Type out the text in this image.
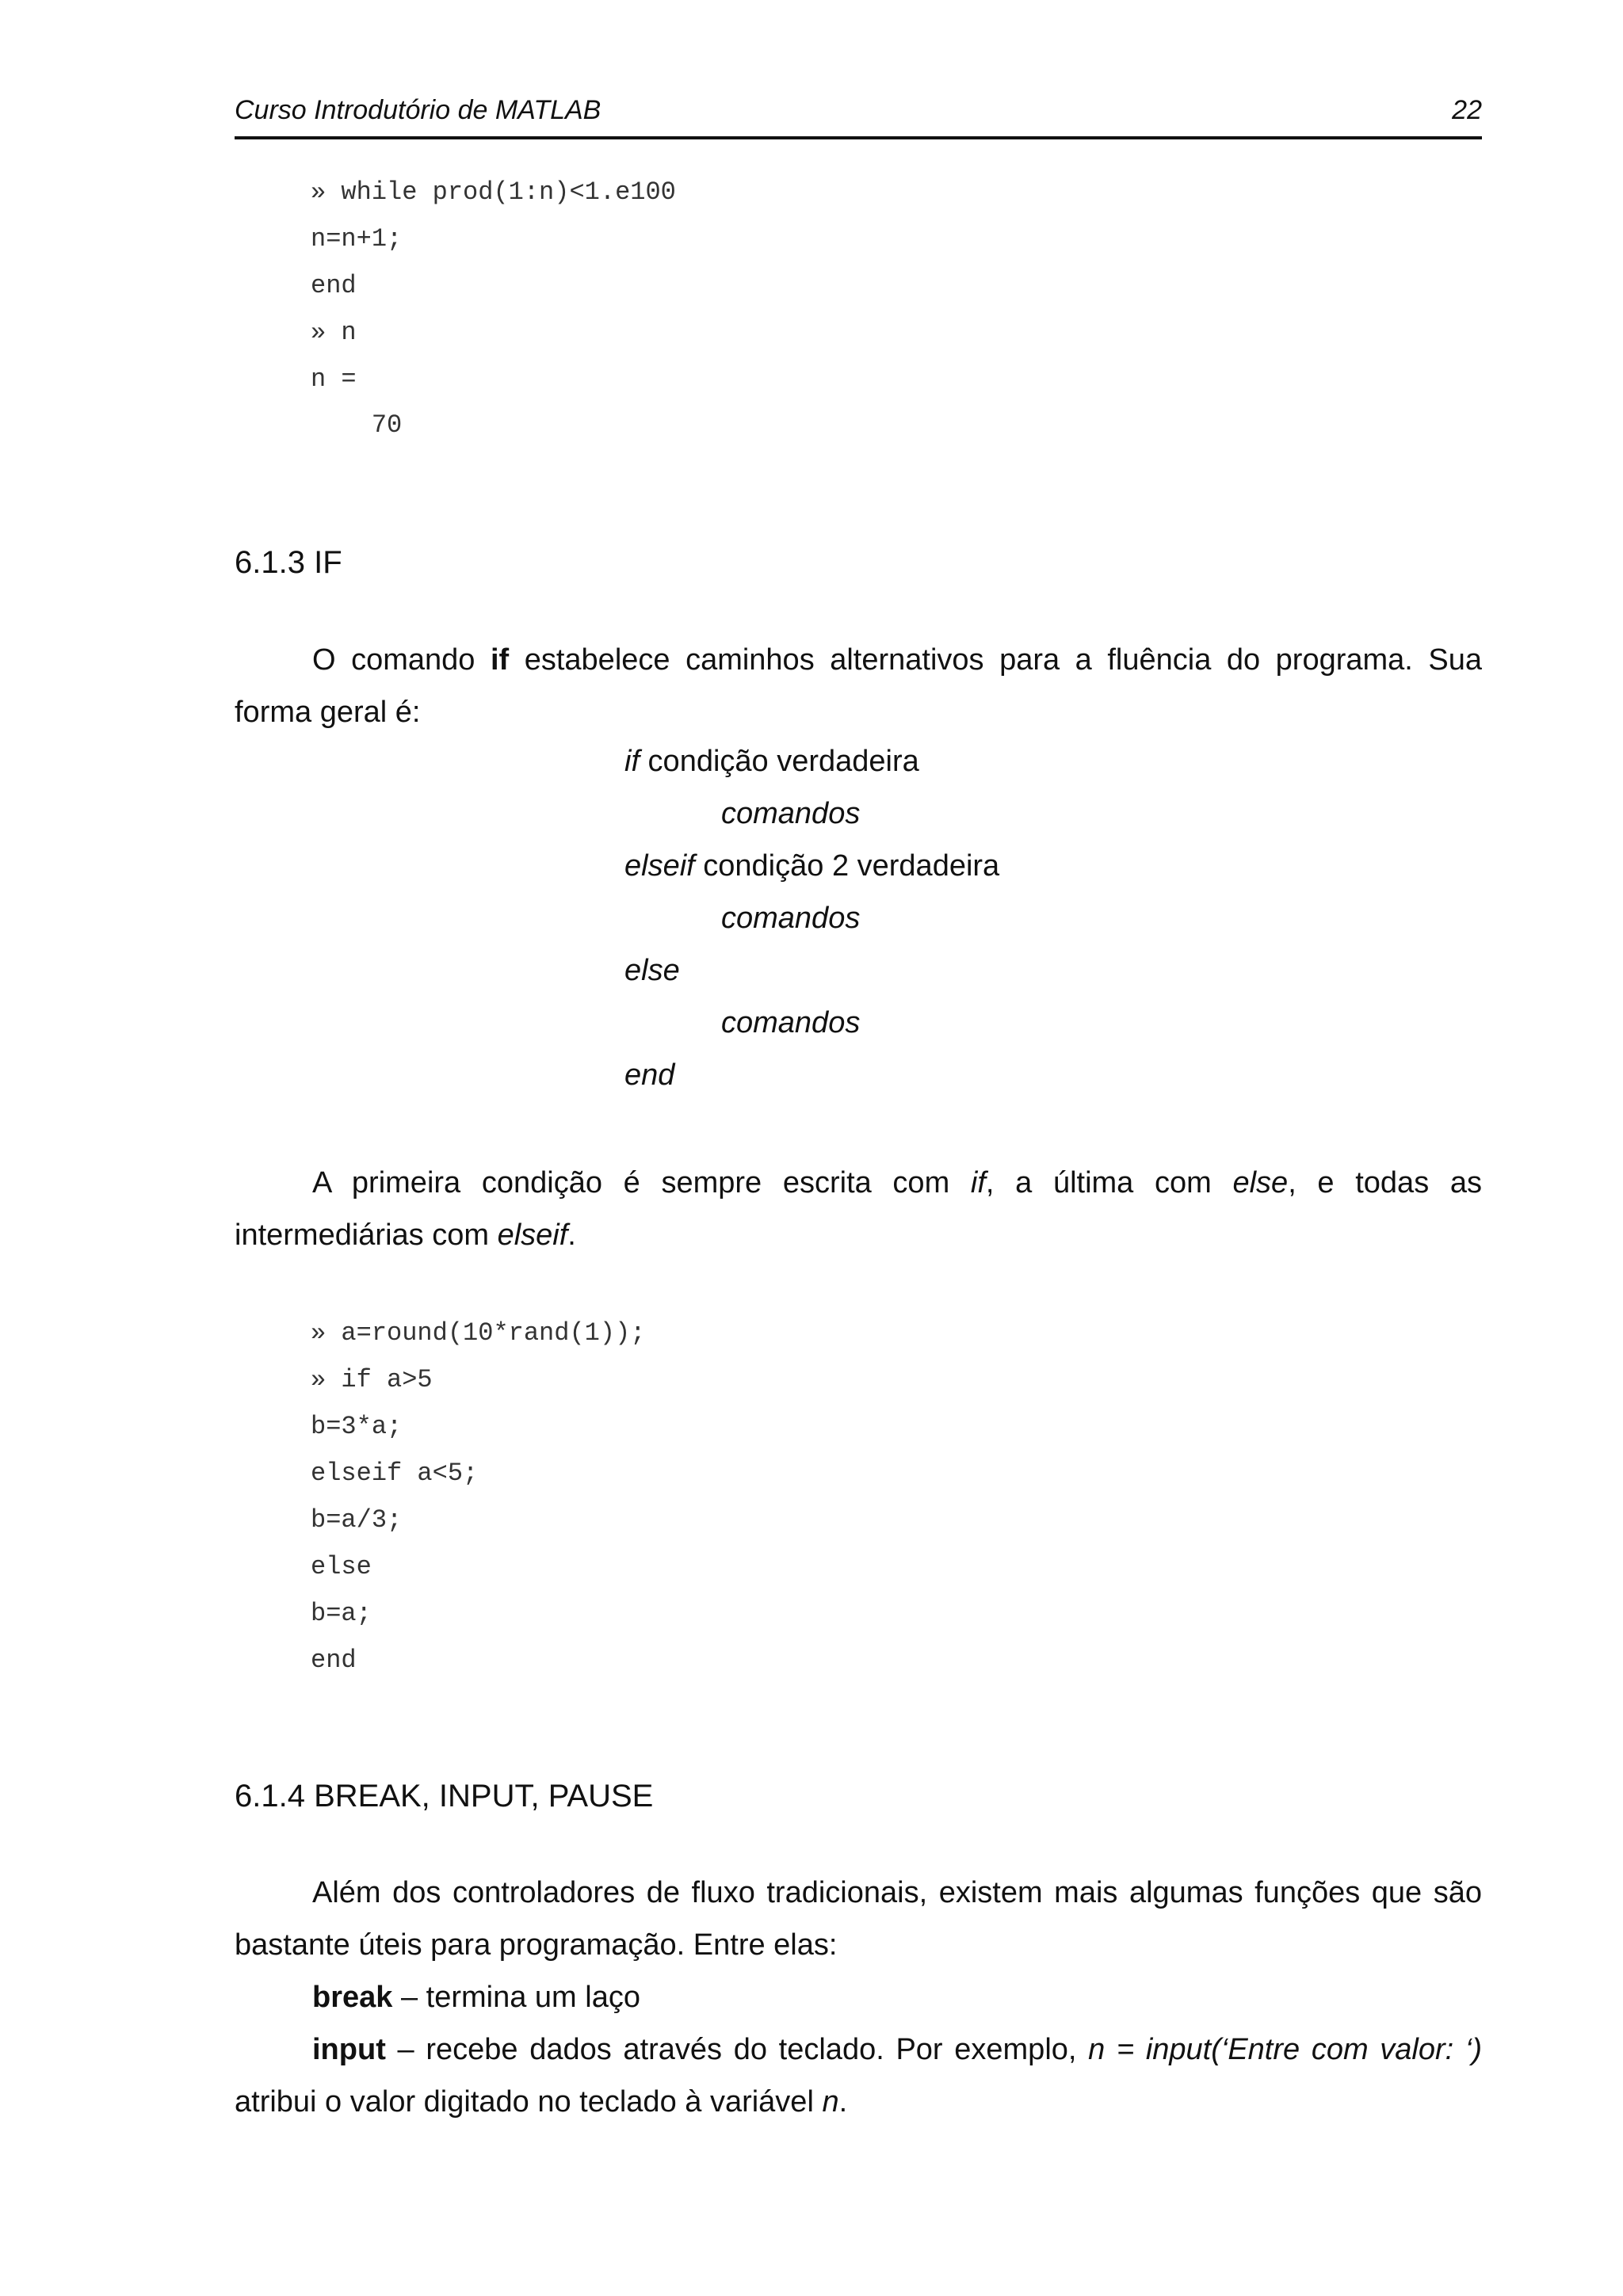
Curso Introdutório de MATLAB	22
» while prod(1:n)<1.e100
n=n+1;
end
» n
n =
70
6.1.3 IF
O comando if estabelece caminhos alternativos para a fluência do programa. Sua
forma geral é:
if condição verdadeira
comandos
elseif condição 2 verdadeira
comandos
else
comandos
end
A primeira condição é sempre escrita com if, a última com else, e todas as
intermediárias com elseif.
» a=round(10*rand(1));
» if a>5
b=3*a;
elseif a<5;
b=a/3;
else
b=a;
end
6.1.4 BREAK, INPUT, PAUSE
Além dos controladores de fluxo tradicionais, existem mais algumas funções que são
bastante úteis para programação. Entre elas:
break – termina um laço
input – recebe dados através do teclado. Por exemplo, n = input(‘Entre com valor: ‘)
atribui o valor digitado no teclado à variável n.
